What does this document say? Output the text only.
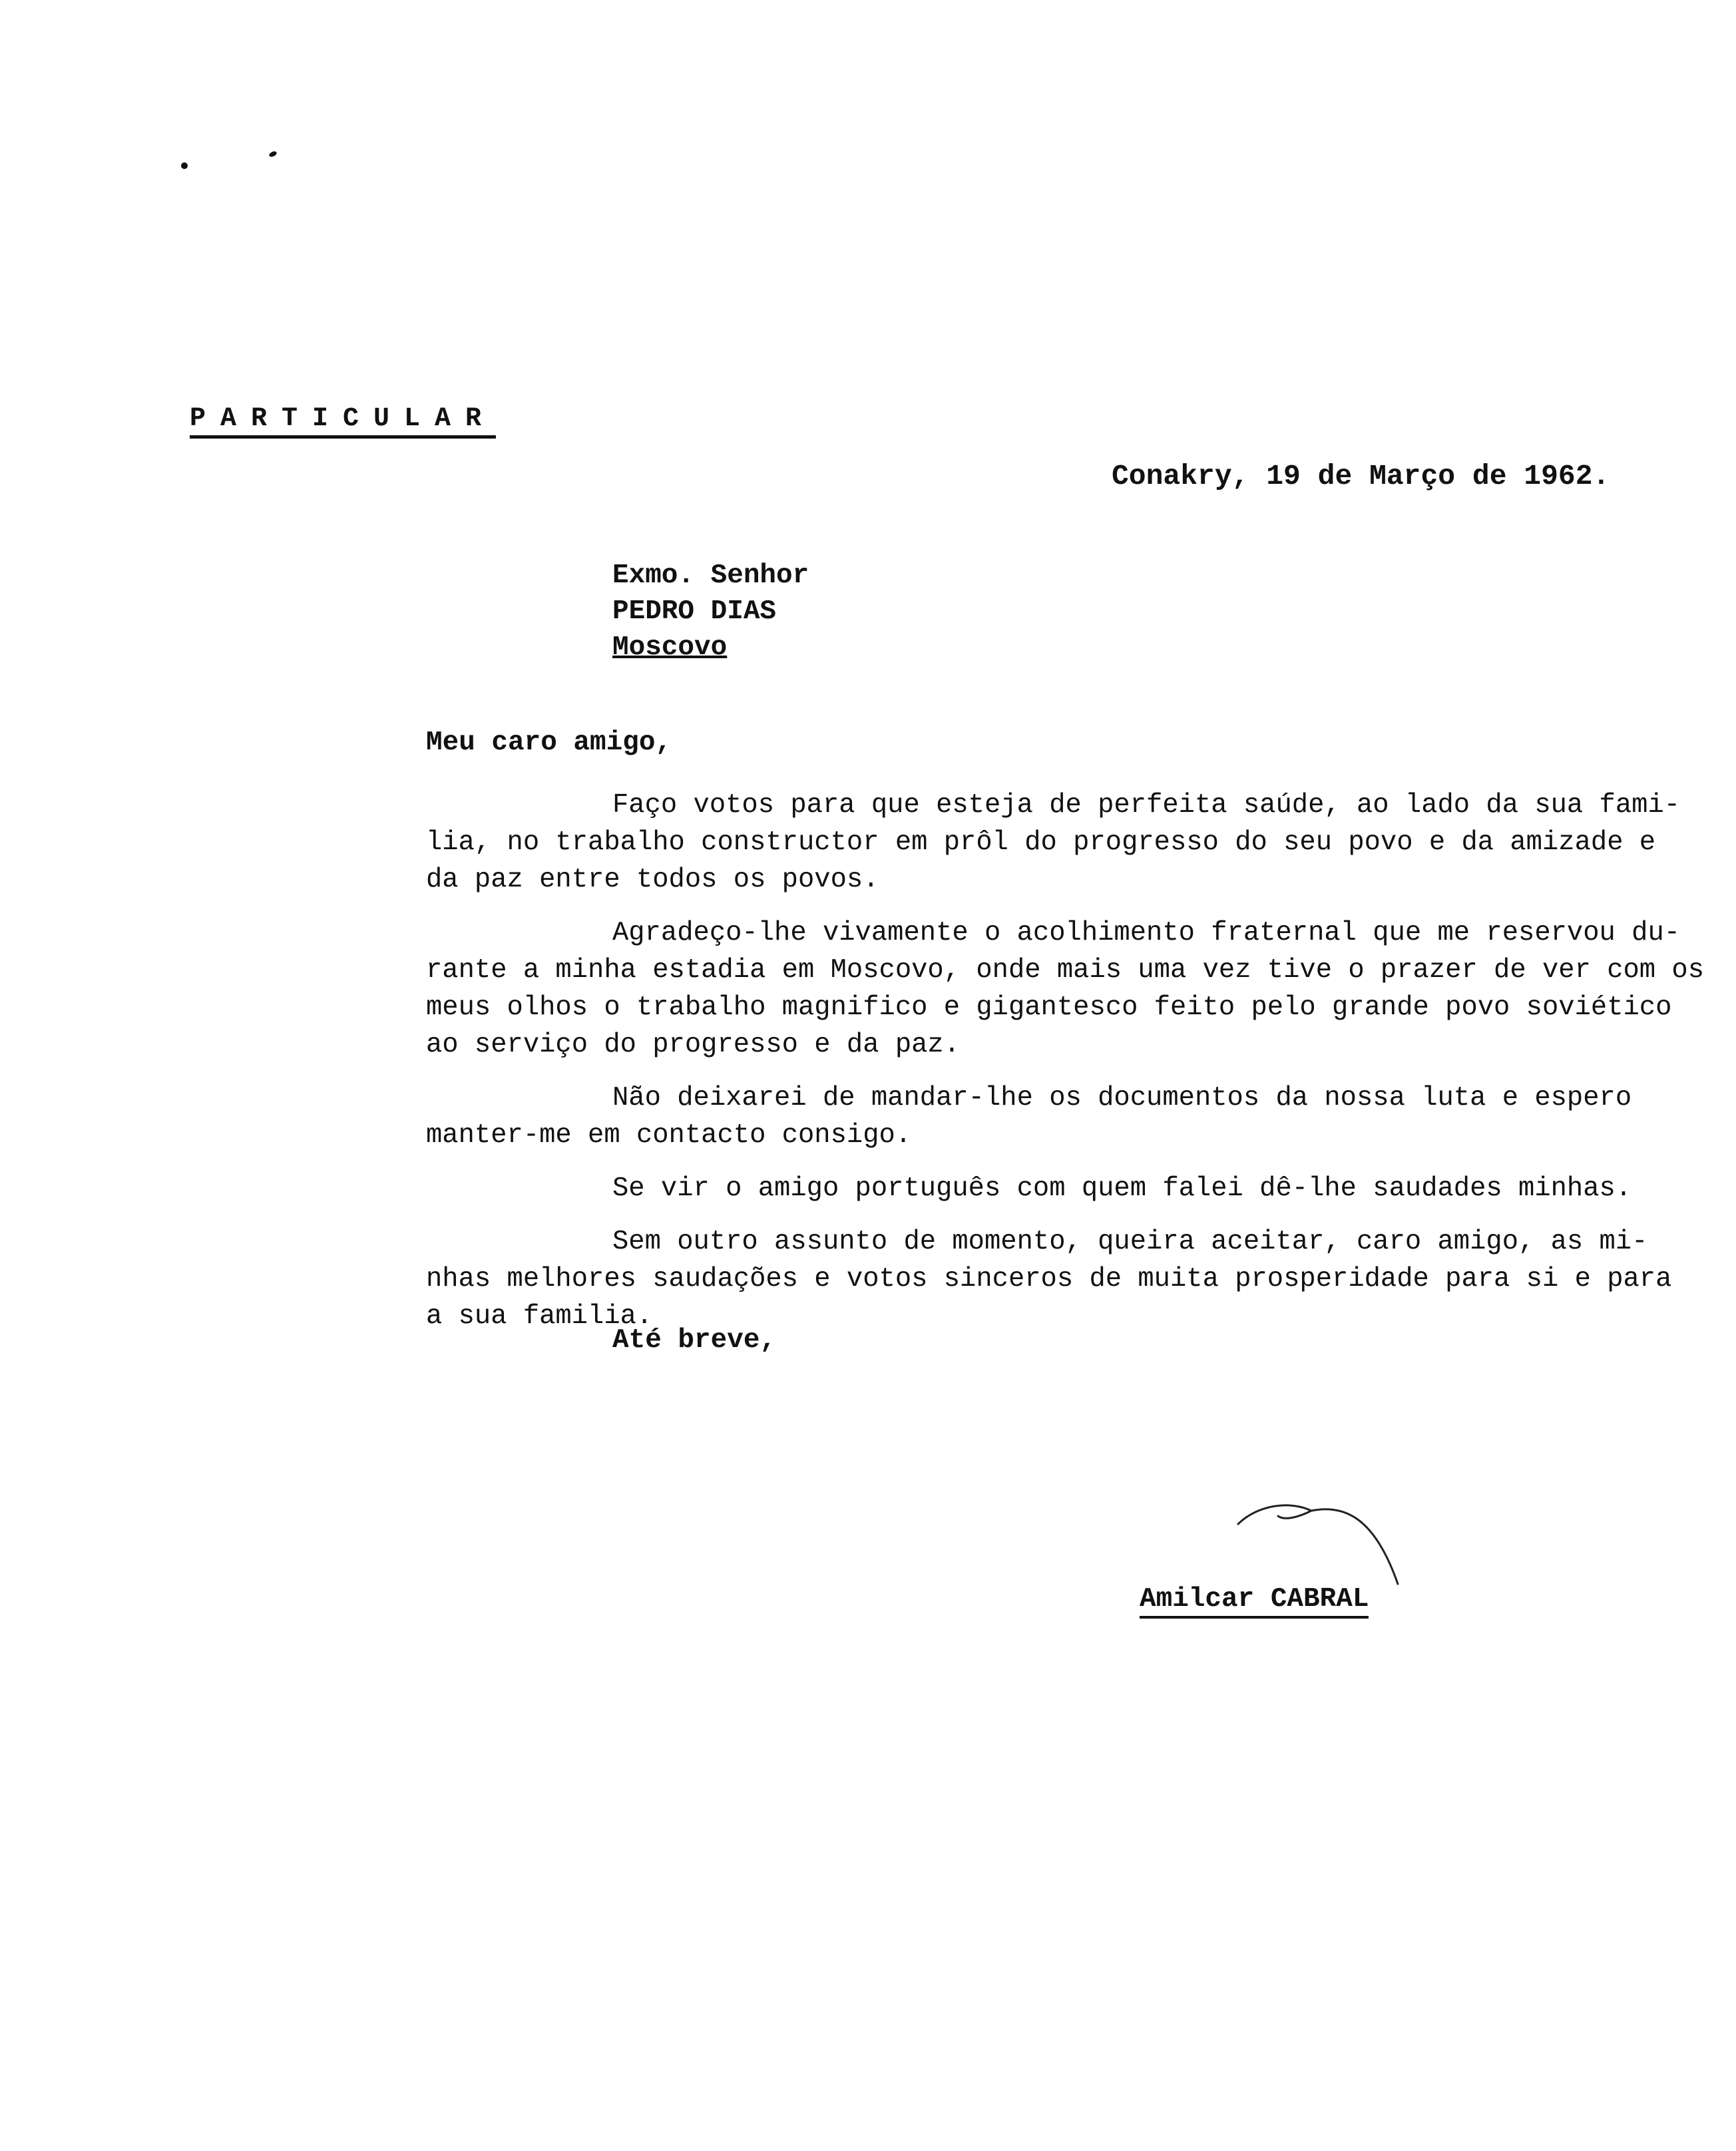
PARTICULAR
Conakry, 19 de Março de 1962.
Exmo. Senhor
PEDRO DIAS
Moscovo
Meu caro amigo,

Faço votos para que esteja de perfeita saúde, ao lado da sua fami-
lia, no trabalho constructor em prôl do progresso do seu povo e da amizade e
da paz entre todos os povos.

Agradeço-lhe vivamente o acolhimento fraternal que me reservou du-
rante a minha estadia em Moscovo, onde mais uma vez tive o prazer de ver com os
meus olhos o trabalho magnifico e gigantesco feito pelo grande povo soviético
ao serviço do progresso e da paz.

Não deixarei de mandar-lhe os documentos da nossa luta e espero
manter-me em contacto consigo.

Se vir o amigo português com quem falei dê-lhe saudades minhas.

Sem outro assunto de momento, queira aceitar, caro amigo, as mi-
nhas melhores saudações e votos sinceros de muita prosperidade para si e para
a sua familia.

Até breve,
Amilcar CABRAL
